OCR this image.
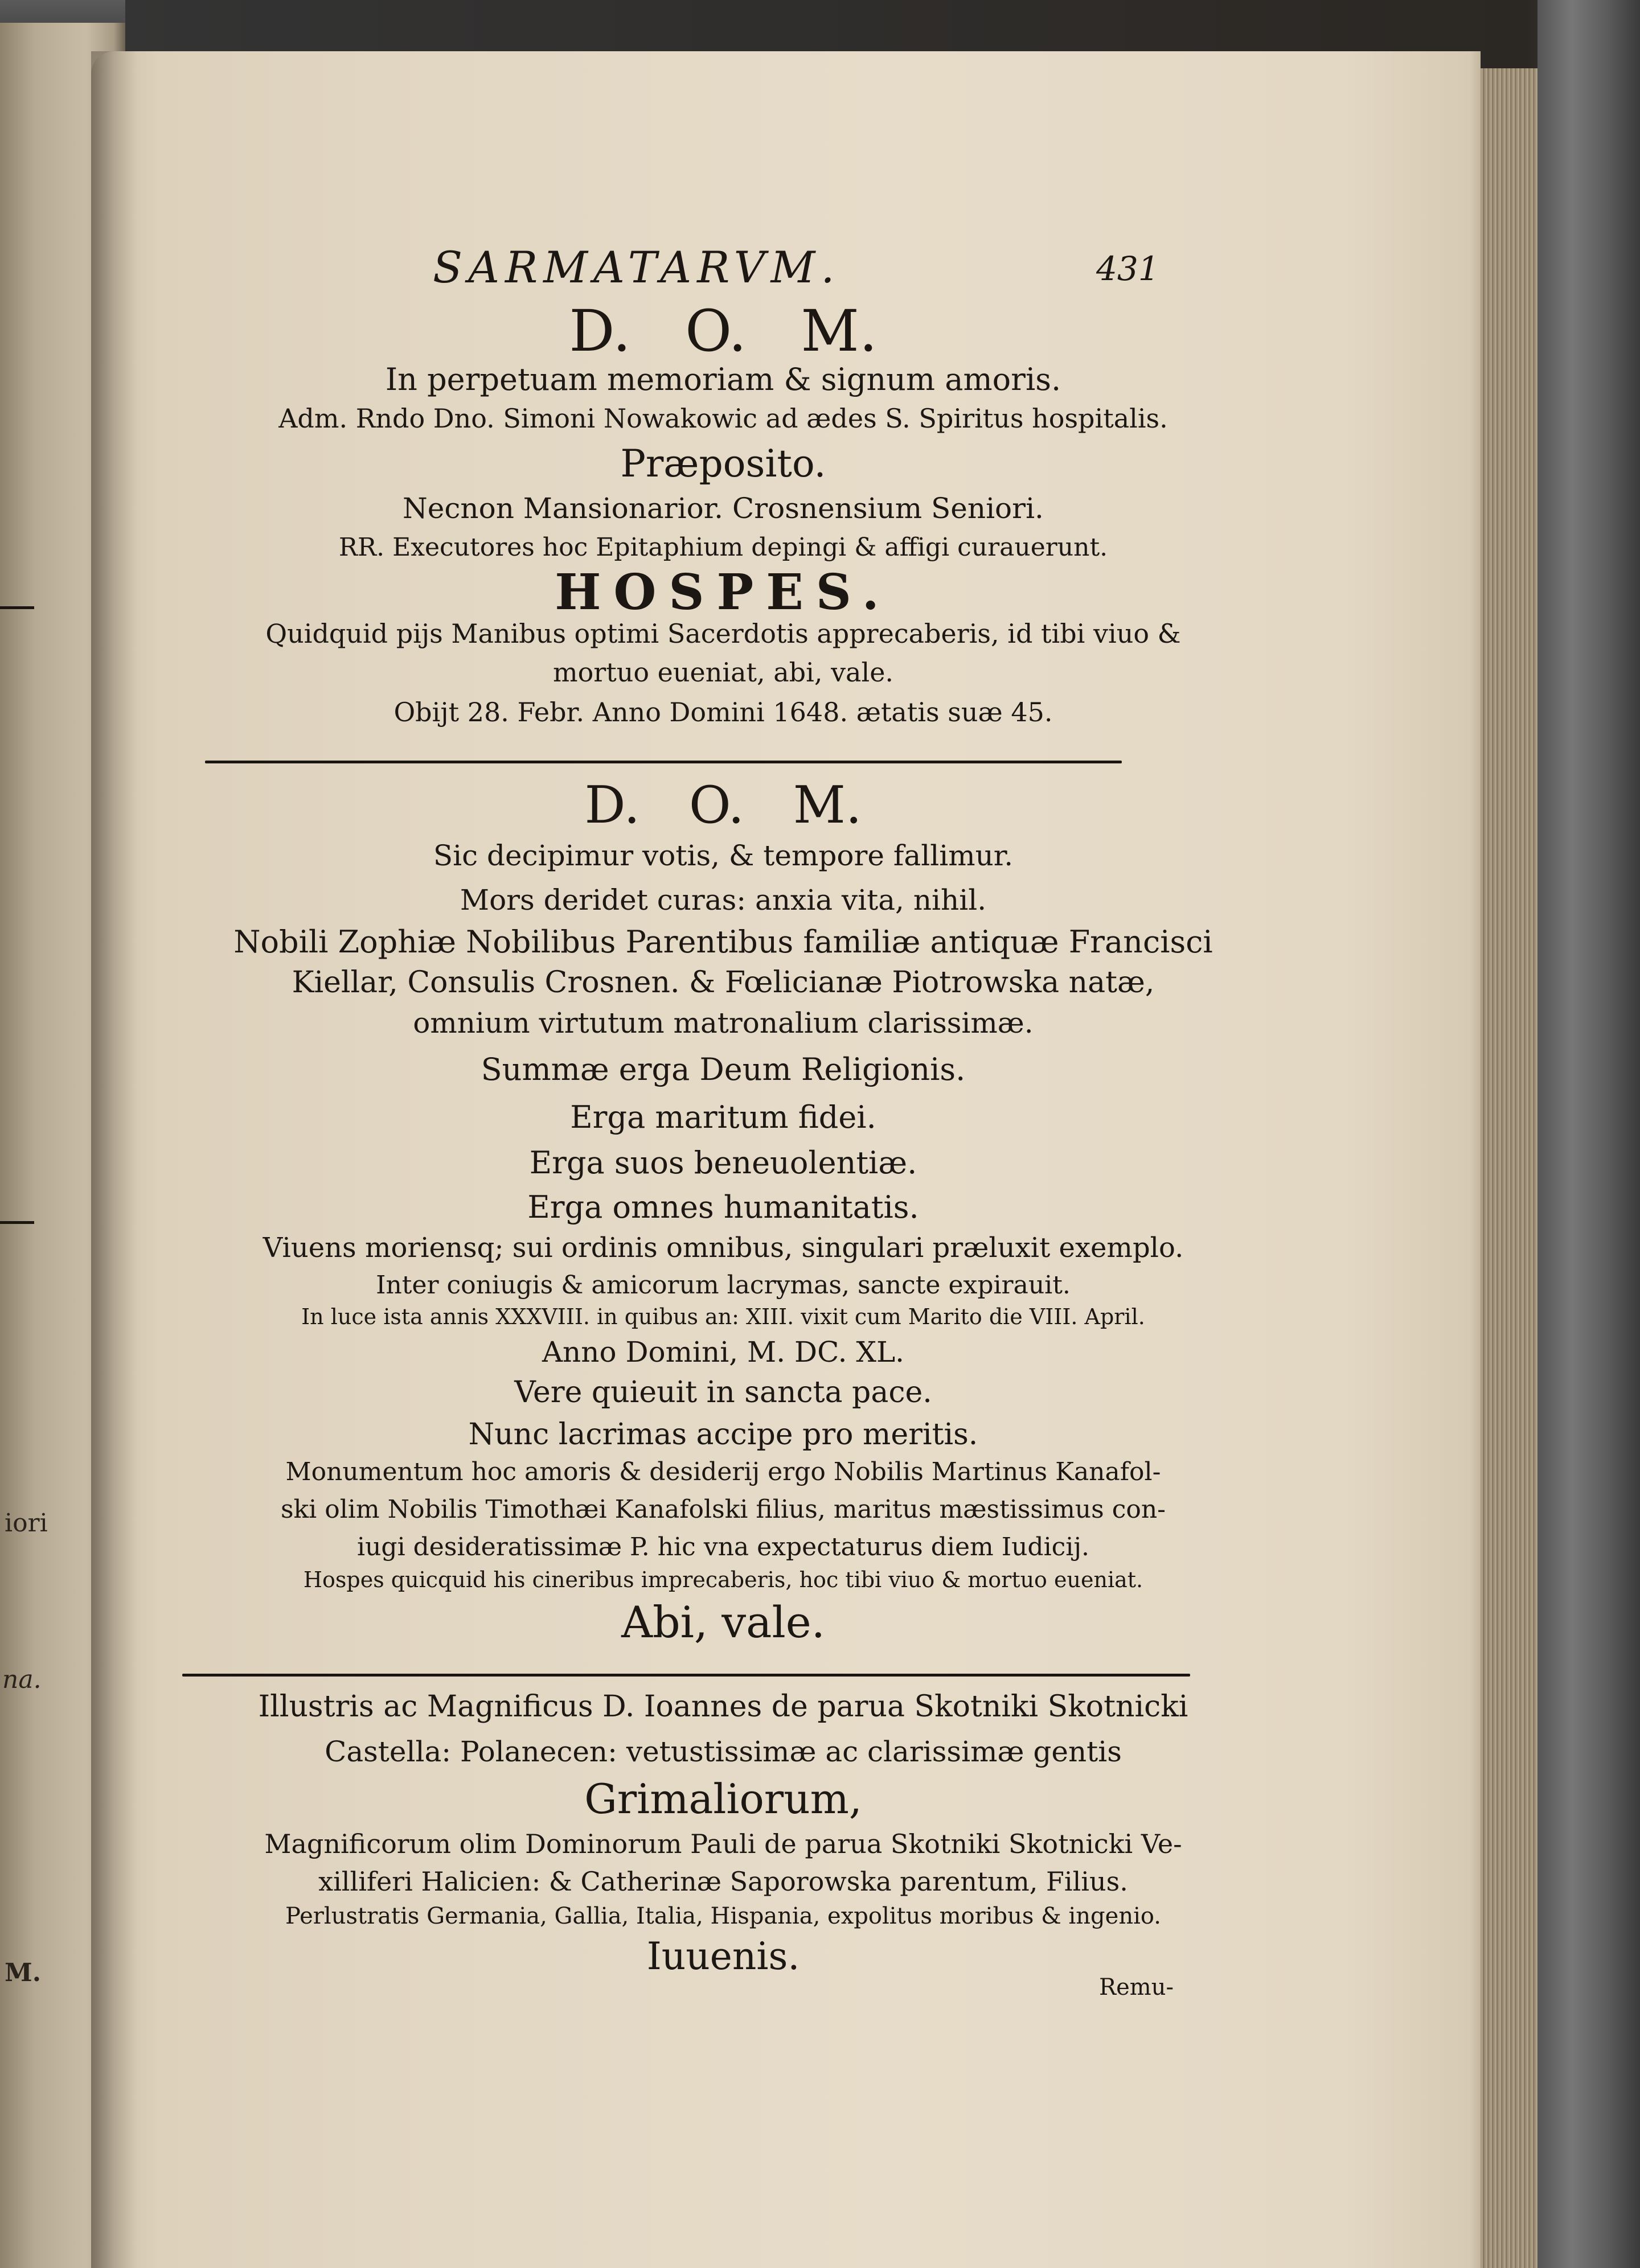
iori
na.
M.
SARMATARVM.	431
D.   O.   M.
In perpetuam memoriam & signum amoris.
Adm. Rndo Dno. Simoni Nowakowic ad ædes S. Spiritus hospitalis.
Præposito.
Necnon Mansionarior. Crosnensium Seniori.
RR. Executores hoc Epitaphium depingi & affigi curauerunt.
HOSPES.
Quidquid pijs Manibus optimi Sacerdotis apprecaberis, id tibi viuo &
mortuo eueniat, abi, vale.
Obijt 28. Febr. Anno Domini 1648. ætatis suæ 45.
D.   O.   M.
Sic decipimur votis, & tempore fallimur.
Mors deridet curas: anxia vita, nihil.
Nobili Zophiæ Nobilibus Parentibus familiæ antiquæ Francisci
Kiellar, Consulis Crosnen. & Fœlicianæ Piotrowska natæ,
omnium virtutum matronalium clarissimæ.
Summæ erga Deum Religionis.
Erga maritum fidei.
Erga suos beneuolentiæ.
Erga omnes humanitatis.
Viuens moriensq; sui ordinis omnibus, singulari præluxit exemplo.
Inter coniugis & amicorum lacrymas, sancte expirauit.
In luce ista annis XXXVIII. in quibus an: XIII. vixit cum Marito die VIII. April.
Anno Domini, M. DC. XL.
Vere quieuit in sancta pace.
Nunc lacrimas accipe pro meritis.
Monumentum hoc amoris & desiderij ergo Nobilis Martinus Kanafol-
ski olim Nobilis Timothæi Kanafolski filius, maritus mæstissimus con-
iugi desideratissimæ P. hic vna expectaturus diem Iudicij.
Hospes quicquid his cineribus imprecaberis, hoc tibi viuo & mortuo eueniat.
Abi, vale.
Illustris ac Magnificus D. Ioannes de parua Skotniki Skotnicki
Castella: Polanecen: vetustissimæ ac clarissimæ gentis
Grimaliorum,
Magnificorum olim Dominorum Pauli de parua Skotniki Skotnicki Ve-
xilliferi Halicien: & Catherinæ Saporowska parentum, Filius.
Perlustratis Germania, Gallia, Italia, Hispania, expolitus moribus & ingenio.
Iuuenis.
Remu-
